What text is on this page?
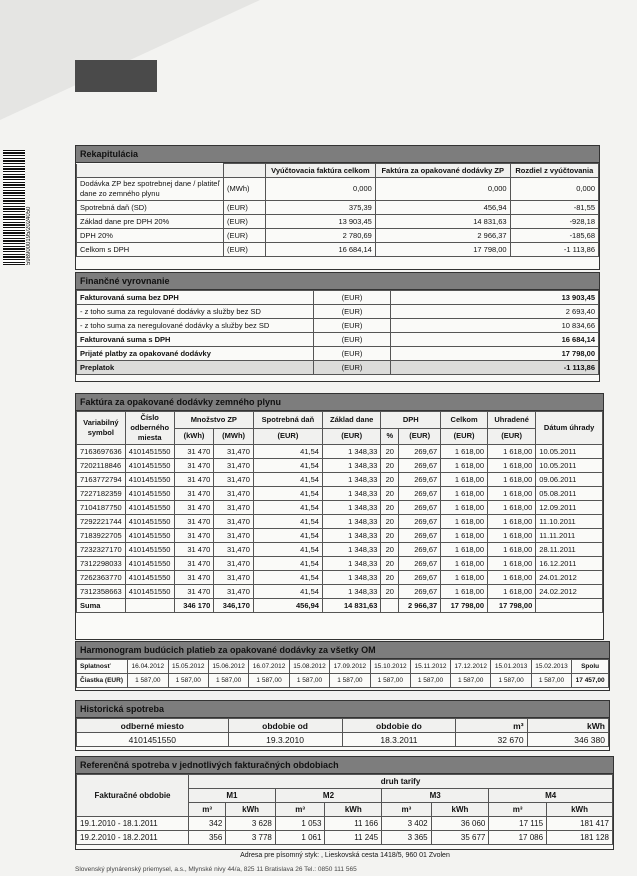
5989000195/2024050
Rekapitulácia
		Vyúčtovacia faktúra celkom	Faktúra za opakované dodávky ZP	Rozdiel z vyúčtovania
Dodávka ZP bez spotrebnej dane / platiteľ dane zo zemného plynu	(MWh)	0,000	0,000	0,000
Spotrebná daň (SD)	(EUR)	375,39	456,94	-81,55
Základ dane pre DPH 20%	(EUR)	13 903,45	14 831,63	-928,18
DPH 20%	(EUR)	2 780,69	2 966,37	-185,68
Celkom s DPH	(EUR)	16 684,14	17 798,00	-1 113,86
Finančné vyrovnanie
Fakturovaná suma bez DPH	(EUR)	13 903,45
- z toho suma za regulované dodávky a služby bez SD	(EUR)	2 693,40
- z toho suma za neregulované dodávky a služby bez SD	(EUR)	10 834,66
Fakturovaná suma s DPH	(EUR)	16 684,14
Prijaté platby za opakované dodávky	(EUR)	17 798,00
Preplatok	(EUR)	-1 113,86
Faktúra za opakované dodávky zemného plynu
Variabilný symbol	Číslo odberného miesta	Množstvo ZP		Spotrebná daň	Základ dane	DPH		Celkom	Uhradené	Dátum úhrady
		(kWh)	(MWh)	(EUR)	(EUR)	%	(EUR)	(EUR)	(EUR)	
7163697636	4101451550	31 470	31,470	41,54	1 348,33	20	269,67	1 618,00	1 618,00	10.05.2011
7202118846	4101451550	31 470	31,470	41,54	1 348,33	20	269,67	1 618,00	1 618,00	10.05.2011
7163772794	4101451550	31 470	31,470	41,54	1 348,33	20	269,67	1 618,00	1 618,00	09.06.2011
7227182359	4101451550	31 470	31,470	41,54	1 348,33	20	269,67	1 618,00	1 618,00	05.08.2011
7104187750	4101451550	31 470	31,470	41,54	1 348,33	20	269,67	1 618,00	1 618,00	12.09.2011
7292221744	4101451550	31 470	31,470	41,54	1 348,33	20	269,67	1 618,00	1 618,00	11.10.2011
7183922705	4101451550	31 470	31,470	41,54	1 348,33	20	269,67	1 618,00	1 618,00	11.11.2011
7232327170	4101451550	31 470	31,470	41,54	1 348,33	20	269,67	1 618,00	1 618,00	28.11.2011
7312298033	4101451550	31 470	31,470	41,54	1 348,33	20	269,67	1 618,00	1 618,00	16.12.2011
7262363770	4101451550	31 470	31,470	41,54	1 348,33	20	269,67	1 618,00	1 618,00	24.01.2012
7312358663	4101451550	31 470	31,470	41,54	1 348,33	20	269,67	1 618,00	1 618,00	24.02.2012
Suma		346 170	346,170	456,94	14 831,63		2 966,37	17 798,00	17 798,00	
Harmonogram budúcich platieb za opakované dodávky za všetky OM
Splatnosť	16.04.2012	15.05.2012	15.06.2012	16.07.2012	15.08.2012	17.09.2012	15.10.2012	15.11.2012	17.12.2012	15.01.2013	15.02.2013	Spolu
Čiastka (EUR)	1 587,00	1 587,00	1 587,00	1 587,00	1 587,00	1 587,00	1 587,00	1 587,00	1 587,00	1 587,00	1 587,00	17 457,00
Historická spotreba
odberné miesto	obdobie od	obdobie do	m³	kWh
4101451550	19.3.2010	18.3.2011	32 670	346 380
Referenčná spotreba v jednotlivých fakturačných obdobiach
Fakturačné obdobie	druh tarify							
	M1		M2		M3		M4	
	m³	kWh	m³	kWh	m³	kWh	m³	kWh
19.1.2010 - 18.1.2011	342	3 628	1 053	11 166	3 402	36 060	17 115	181 417
19.2.2010 - 18.2.2011	356	3 778	1 061	11 245	3 365	35 677	17 086	181 128
Adresa pre písomný styk: , Lieskovská cesta 1418/5, 960 01 Zvolen
Slovenský plynárenský priemysel, a.s., Mlynské nivy 44/a, 825 11 Bratislava 26 Tel.: 0850 111 565
